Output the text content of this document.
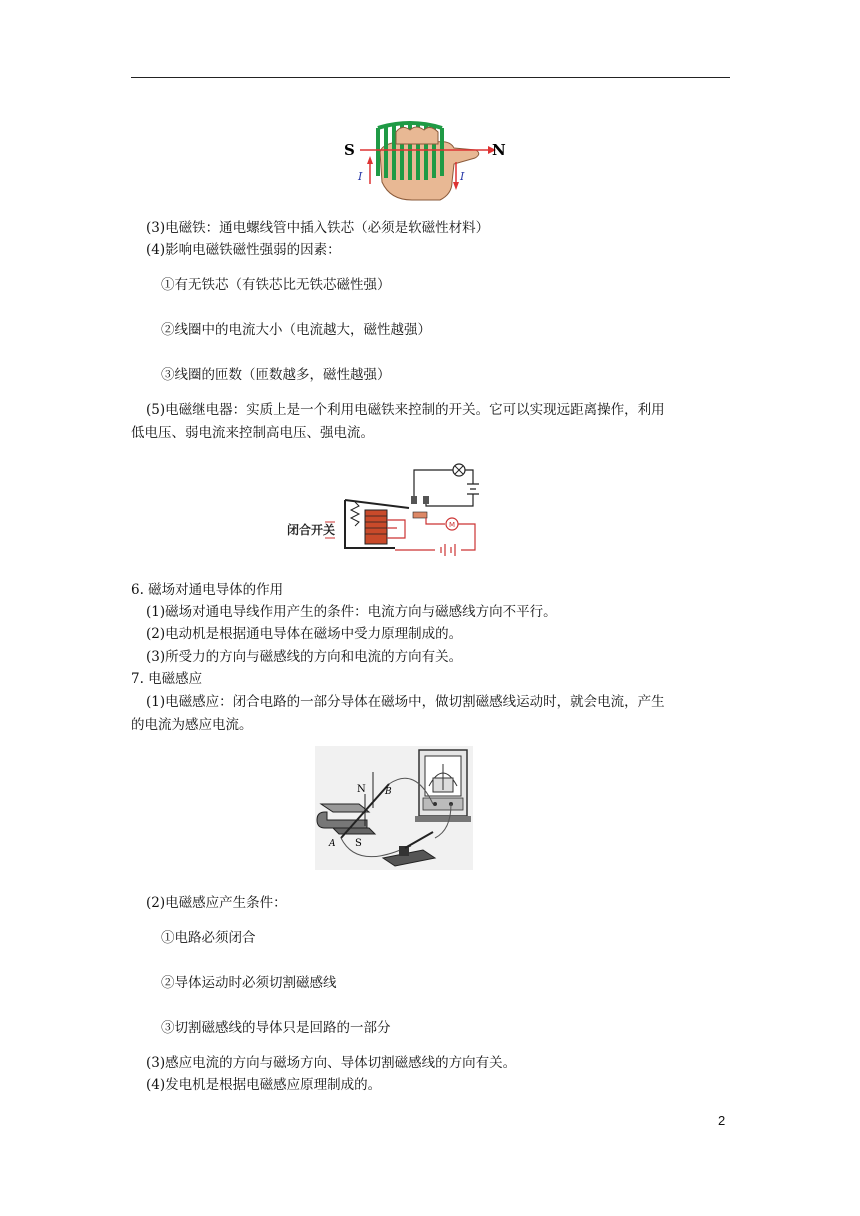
S	N
I	I
(3)电磁铁：通电螺线管中插入铁芯（必须是软磁性材料）
(4)影响电磁铁磁性强弱的因素：
①有无铁芯（有铁芯比无铁芯磁性强）
②线圈中的电流大小（电流越大，磁性越强）
③线圈的匝数（匝数越多，磁性越强）
(5)电磁继电器：实质上是一个利用电磁铁来控制的开关。它可以实现远距离操作，利用
低电压、弱电流来控制高电压、强电流。
M
闭合开关
6. 磁场对通电导体的作用
(1)磁场对通电导线作用产生的条件：电流方向与磁感线方向不平行。
(2)电动机是根据通电导体在磁场中受力原理制成的。
(3)所受力的方向与磁感线的方向和电流的方向有关。
7. 电磁感应
(1)电磁感应：闭合电路的一部分导体在磁场中，做切割磁感线运动时，就会电流，产生
的电流为感应电流。
N
S
A
B
(2)电磁感应产生条件：
①电路必须闭合
②导体运动时必须切割磁感线
③切割磁感线的导体只是回路的一部分
(3)感应电流的方向与磁场方向、导体切割磁感线的方向有关。
(4)发电机是根据电磁感应原理制成的。
2
